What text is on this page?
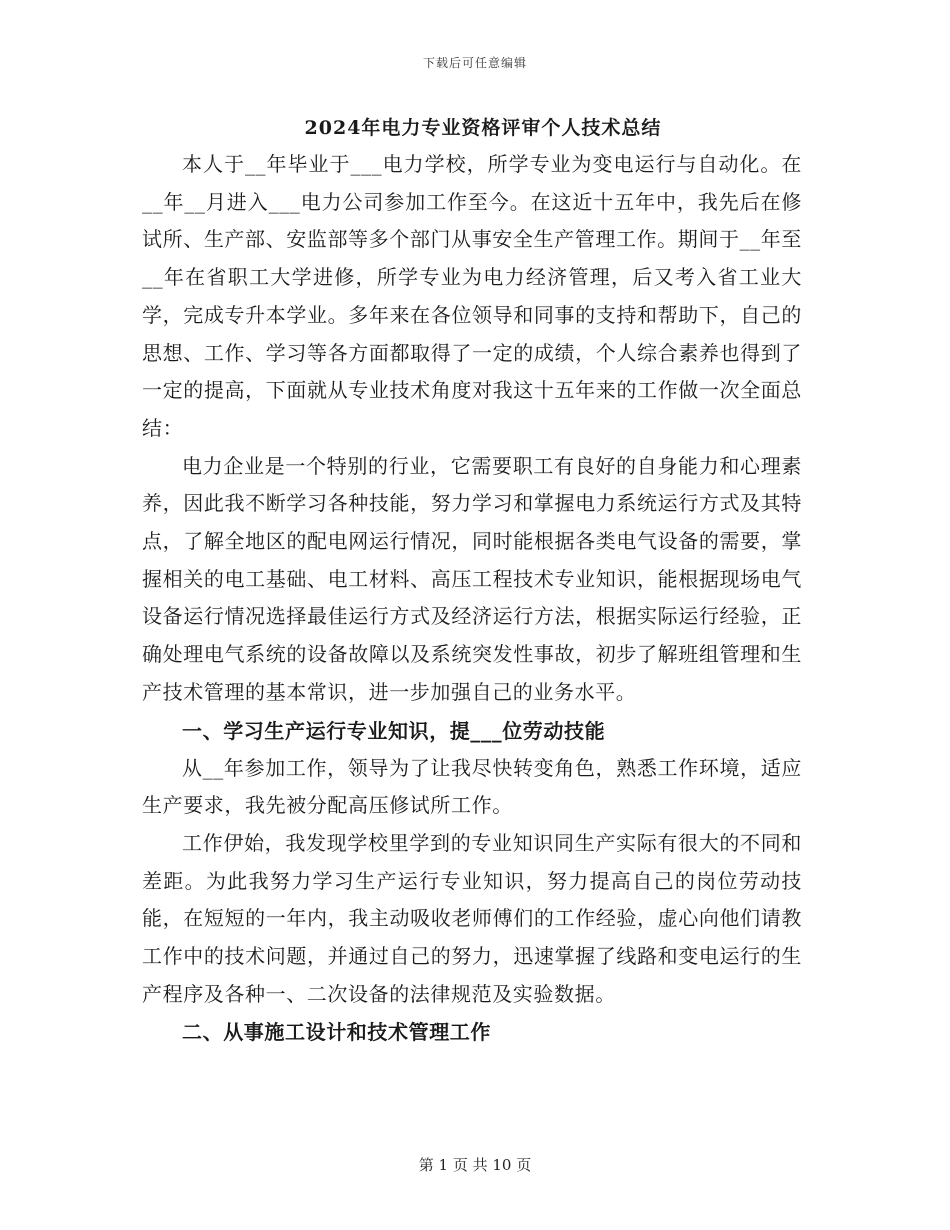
下载后可任意编辑
2024年电力专业资格评审个人技术总结

本人于__年毕业于___电力学校，所学专业为变电运行与自动化。在__年__月进入___电力公司参加工作至今。在这近十五年中，我先后在修试所、生产部、安监部等多个部门从事安全生产管理工作。期间于__年至__年在省职工大学进修，所学专业为电力经济管理，后又考入省工业大学，完成专升本学业。多年来在各位领导和同事的支持和帮助下，自己的思想、工作、学习等各方面都取得了一定的成绩，个人综合素养也得到了一定的提高，下面就从专业技术角度对我这十五年来的工作做一次全面总结：

电力企业是一个特别的行业，它需要职工有良好的自身能力和心理素养，因此我不断学习各种技能，努力学习和掌握电力系统运行方式及其特点，了解全地区的配电网运行情况，同时能根据各类电气设备的需要，掌握相关的电工基础、电工材料、高压工程技术专业知识，能根据现场电气设备运行情况选择最佳运行方式及经济运行方法，根据实际运行经验，正确处理电气系统的设备故障以及系统突发性事故，初步了解班组管理和生产技术管理的基本常识，进一步加强自己的业务水平。

一、学习生产运行专业知识，提___位劳动技能

从__年参加工作，领导为了让我尽快转变角色，熟悉工作环境，适应生产要求，我先被分配高压修试所工作。

工作伊始，我发现学校里学到的专业知识同生产实际有很大的不同和差距。为此我努力学习生产运行专业知识，努力提高自己的岗位劳动技能，在短短的一年内，我主动吸收老师傅们的工作经验，虚心向他们请教工作中的技术问题，并通过自己的努力，迅速掌握了线路和变电运行的生产程序及各种一、二次设备的法律规范及实验数据。

二、从事施工设计和技术管理工作

第 1 页 共 10 页
